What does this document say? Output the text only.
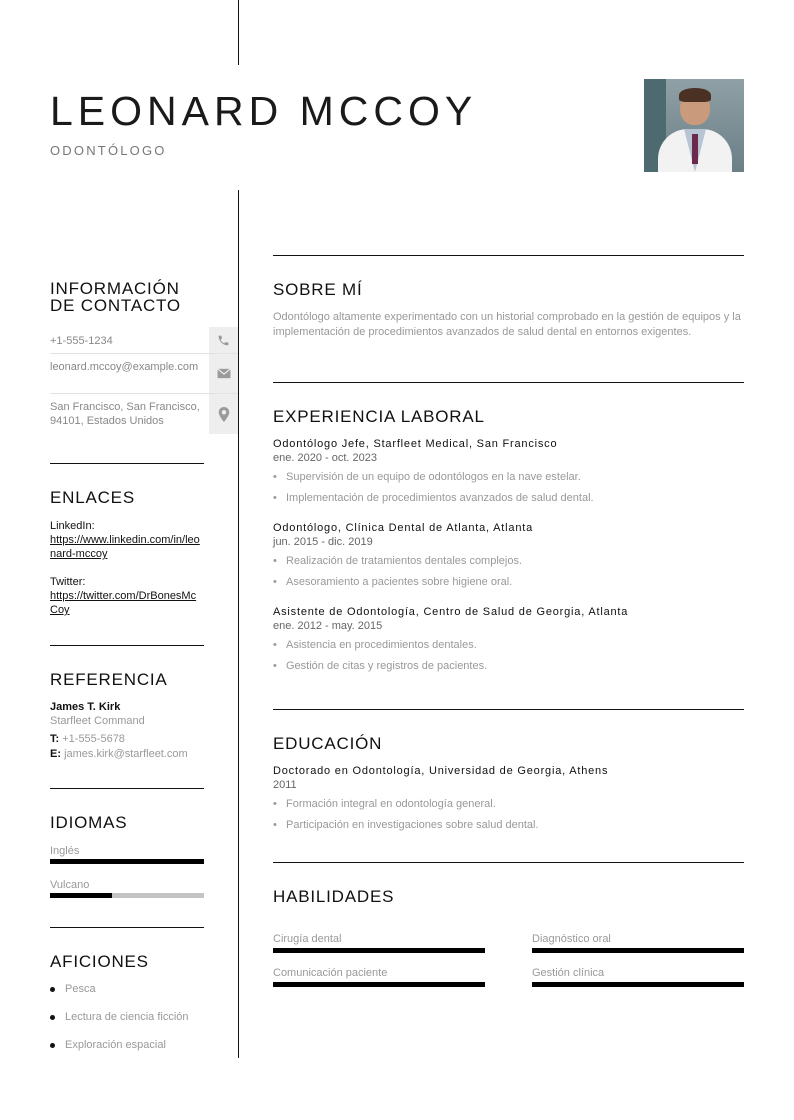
LEONARD MCCOY
ODONTÓLOGO
INFORMACIÓN
DE CONTACTO
+1-555-1234
leonard.mccoy@example.com
San Francisco, San Francisco, 94101, Estados Unidos
ENLACES
LinkedIn:
https://www.linkedin.com/in/leonard-mccoy
Twitter:
https://twitter.com/DrBonesMcCoy
REFERENCIA
James T. Kirk
Starfleet Command
T: +1-555-5678
E: james.kirk@starfleet.com
IDIOMAS
Inglés
Vulcano
AFICIONES
Pesca
Lectura de ciencia ficción
Exploración espacial
SOBRE MÍ
Odontólogo altamente experimentado con un historial comprobado en la gestión de equipos y la implementación de procedimientos avanzados de salud dental en entornos exigentes.
EXPERIENCIA LABORAL
Odontólogo Jefe, Starfleet Medical, San Francisco
ene. 2020 - oct. 2023
• Supervisión de un equipo de odontólogos en la nave estelar.
• Implementación de procedimientos avanzados de salud dental.
Odontólogo, Clínica Dental de Atlanta, Atlanta
jun. 2015 - dic. 2019
• Realización de tratamientos dentales complejos.
• Asesoramiento a pacientes sobre higiene oral.
Asistente de Odontología, Centro de Salud de Georgia, Atlanta
ene. 2012 - may. 2015
• Asistencia en procedimientos dentales.
• Gestión de citas y registros de pacientes.
EDUCACIÓN
Doctorado en Odontología, Universidad de Georgia, Athens
2011
• Formación integral en odontología general.
• Participación en investigaciones sobre salud dental.
HABILIDADES
Cirugía dental	Diagnóstico oral
Comunicación paciente	Gestión clínica
